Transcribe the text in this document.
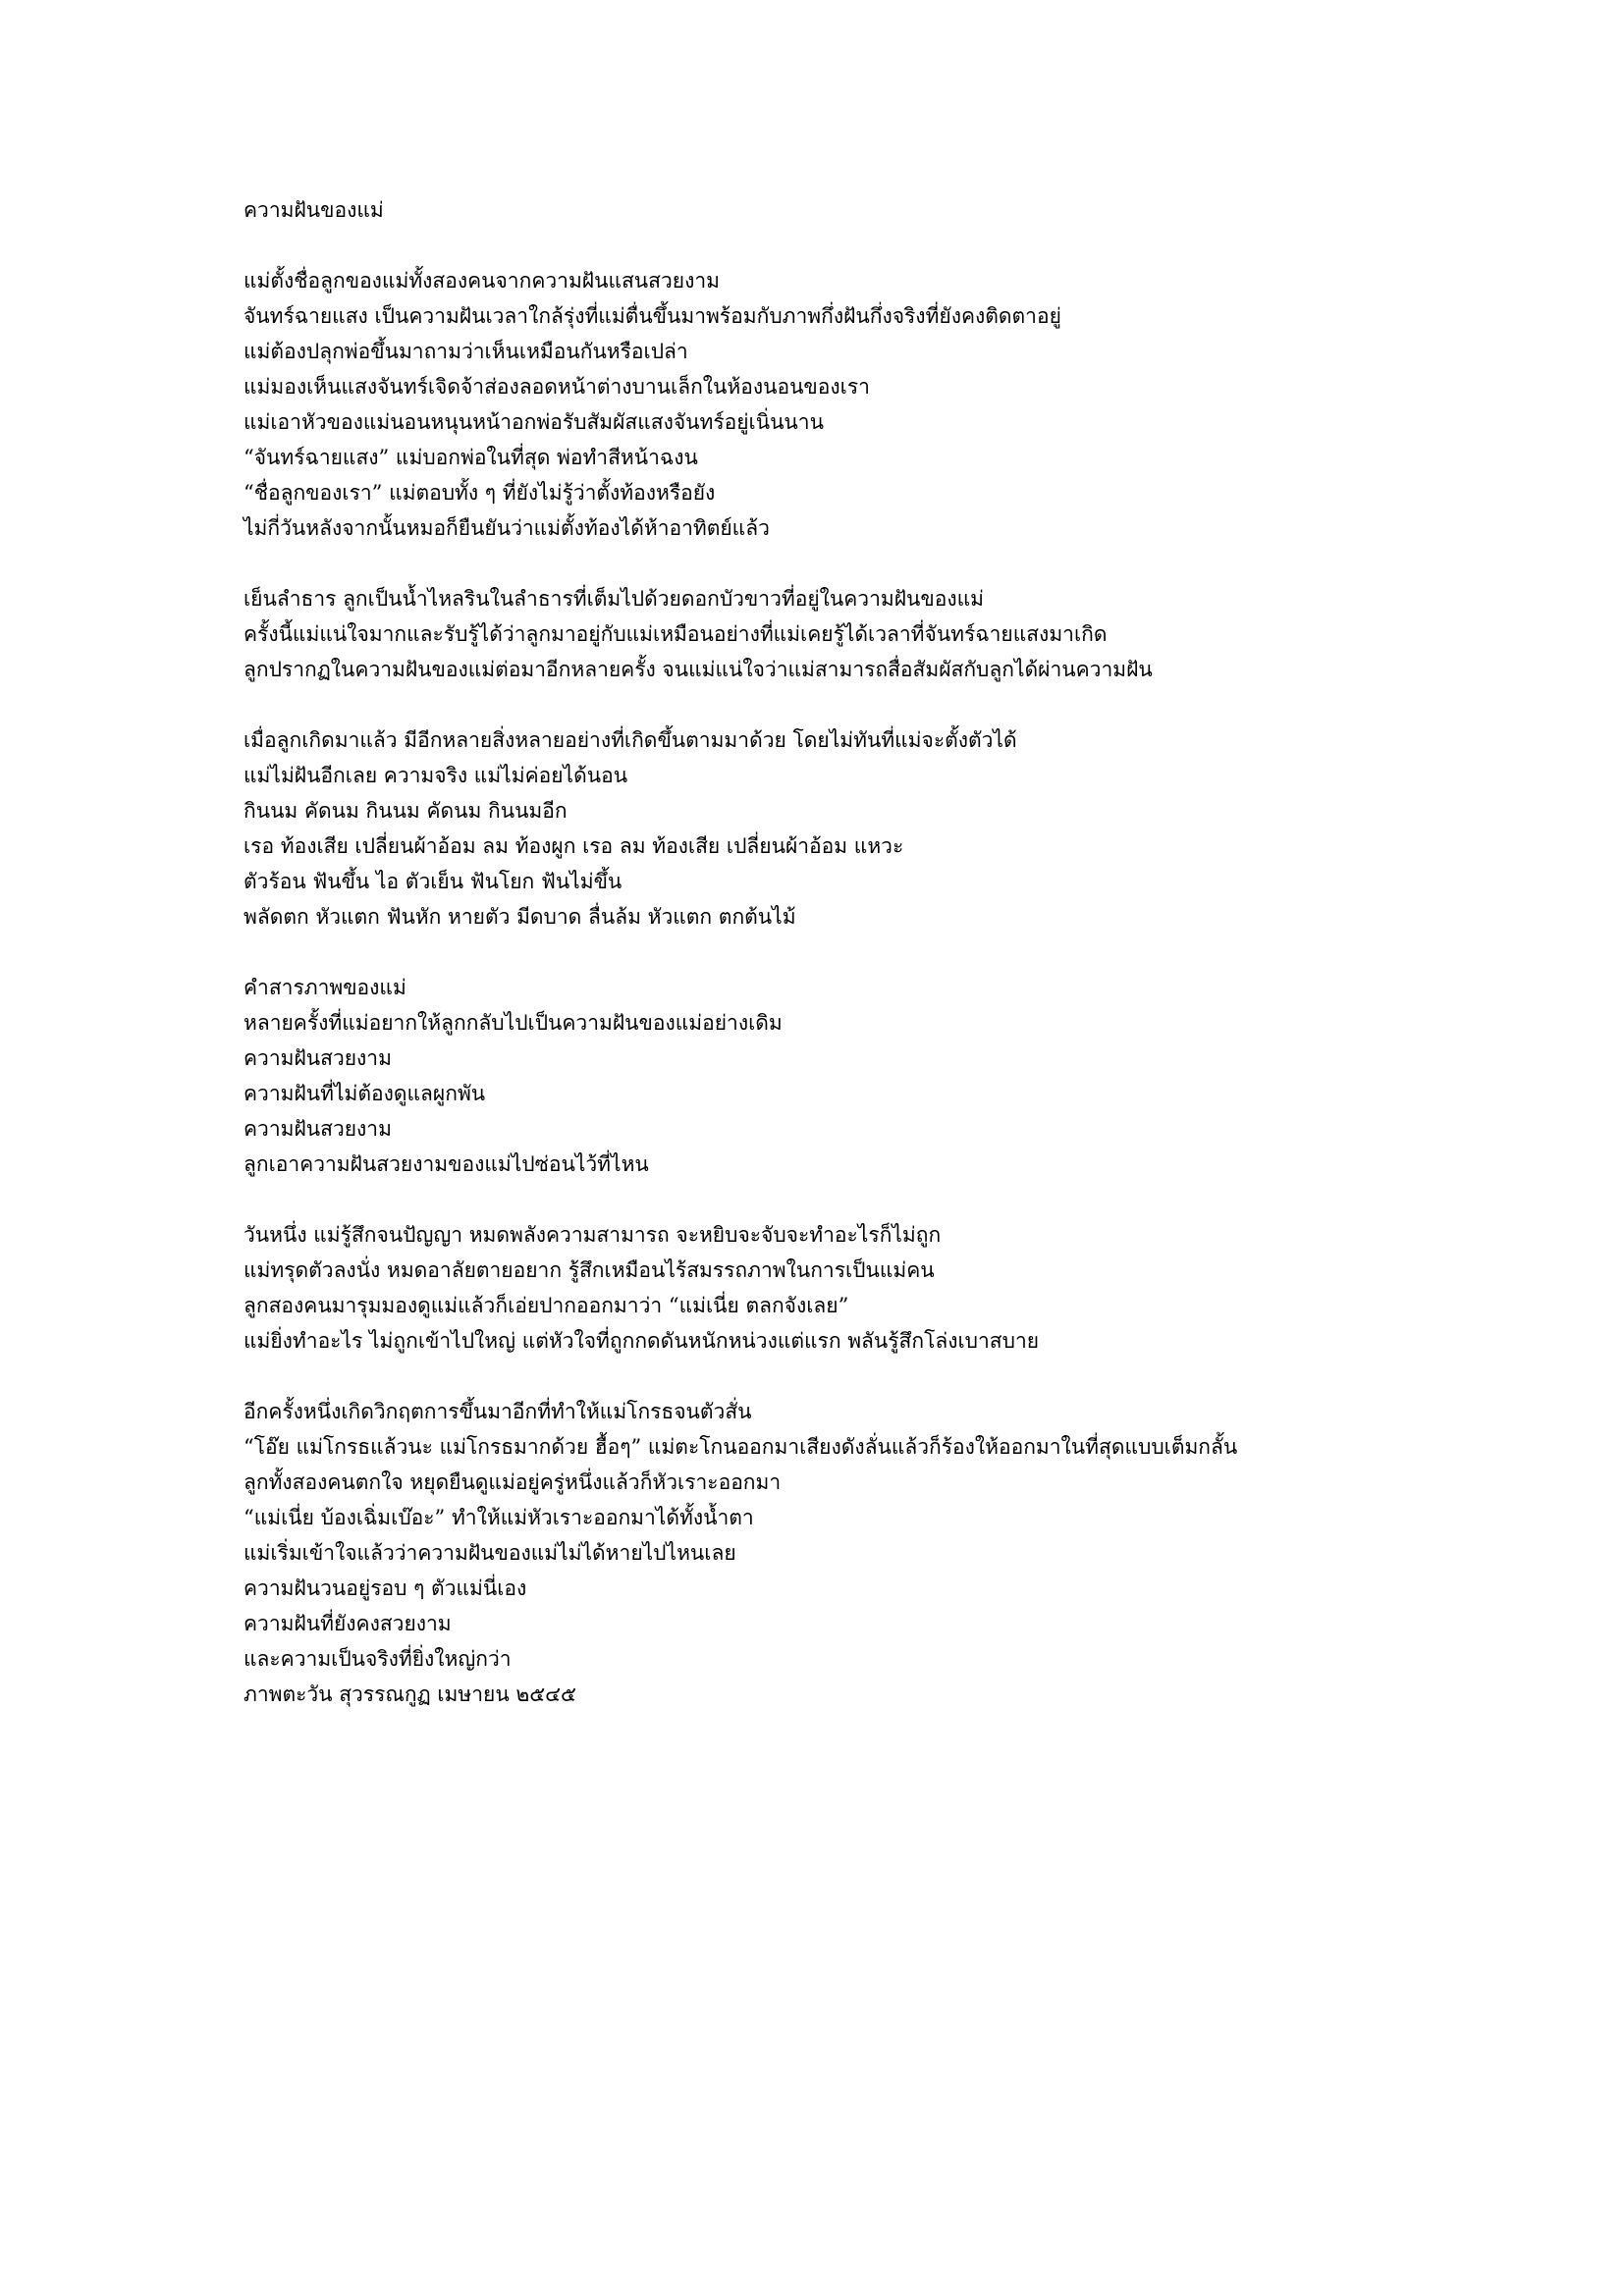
ความฝันของแม่

แม่ตั้งชื่อลูกของแม่ทั้งสองคนจากความฝันแสนสวยงาม

จันทร์ฉายแสง เป็นความฝันเวลาใกล้รุ่งที่แม่ตื่นขึ้นมาพร้อมกับภาพกึ่งฝันกึ่งจริงที่ยังคงติดตาอยู่

แม่ต้องปลุกพ่อขึ้นมาถามว่าเห็นเหมือนกันหรือเปล่า

แม่มองเห็นแสงจันทร์เจิดจ้าส่องลอดหน้าต่างบานเล็กในห้องนอนของเรา

แม่เอาหัวของแม่นอนหนุนหน้าอกพ่อรับสัมผัสแสงจันทร์อยู่เนิ่นนาน

“จันทร์ฉายแสง” แม่บอกพ่อในที่สุด พ่อทำสีหน้าฉงน

“ชื่อลูกของเรา” แม่ตอบทั้ง ๆ ที่ยังไม่รู้ว่าตั้งท้องหรือยัง

ไม่กี่วันหลังจากนั้นหมอก็ยืนยันว่าแม่ตั้งท้องได้ห้าอาทิตย์แล้ว

เย็นลำธาร ลูกเป็นน้ำไหลรินในลำธารที่เต็มไปด้วยดอกบัวขาวที่อยู่ในความฝันของแม่

ครั้งนี้แม่แน่ใจมากและรับรู้ได้ว่าลูกมาอยู่กับแม่เหมือนอย่างที่แม่เคยรู้ได้เวลาที่จันทร์ฉายแสงมาเกิด

ลูกปรากฏในความฝันของแม่ต่อมาอีกหลายครั้ง จนแม่แน่ใจว่าแม่สามารถสื่อสัมผัสกับลูกได้ผ่านความฝัน

เมื่อลูกเกิดมาแล้ว มีอีกหลายสิ่งหลายอย่างที่เกิดขึ้นตามมาด้วย โดยไม่ทันที่แม่จะตั้งตัวได้

แม่ไม่ฝันอีกเลย ความจริง แม่ไม่ค่อยได้นอน

กินนม คัดนม กินนม คัดนม กินนมอีก

เรอ ท้องเสีย เปลี่ยนผ้าอ้อม ลม ท้องผูก เรอ ลม ท้องเสีย เปลี่ยนผ้าอ้อม แหวะ

ตัวร้อน ฟันขึ้น ไอ ตัวเย็น ฟันโยก ฟันไม่ขึ้น

พลัดตก หัวแตก ฟันหัก หายตัว มีดบาด ลื่นล้ม หัวแตก ตกต้นไม้

คำสารภาพของแม่

หลายครั้งที่แม่อยากให้ลูกกลับไปเป็นความฝันของแม่อย่างเดิม

ความฝันสวยงาม

ความฝันที่ไม่ต้องดูแลผูกพัน

ความฝันสวยงาม

ลูกเอาความฝันสวยงามของแม่ไปซ่อนไว้ที่ไหน

วันหนึ่ง แม่รู้สึกจนปัญญา หมดพลังความสามารถ จะหยิบจะจับจะทำอะไรก็ไม่ถูก

แม่ทรุดตัวลงนั่ง หมดอาลัยตายอยาก รู้สึกเหมือนไร้สมรรถภาพในการเป็นแม่คน

ลูกสองคนมารุมมองดูแม่แล้วก็เอ่ยปากออกมาว่า “แม่เนี่ย ตลกจังเลย”

แม่ยิ่งทำอะไร ไม่ถูกเข้าไปใหญ่ แต่หัวใจที่ถูกกดดันหนักหน่วงแต่แรก พลันรู้สึกโล่งเบาสบาย

อีกครั้งหนึ่งเกิดวิกฤตการขึ้นมาอีกที่ทำให้แม่โกรธจนตัวสั่น

“โอ๊ย แม่โกรธแล้วนะ แม่โกรธมากด้วย ฮื้อๆ” แม่ตะโกนออกมาเสียงดังลั่นแล้วก็ร้องให้ออกมาในที่สุดแบบเต็มกลั้น

ลูกทั้งสองคนตกใจ หยุดยืนดูแม่อยู่ครู่หนึ่งแล้วก็หัวเราะออกมา

“แม่เนี่ย บ้องเฉิ่มเบ๊อะ” ทำให้แม่หัวเราะออกมาได้ทั้งน้ำตา

แม่เริ่มเข้าใจแล้วว่าความฝันของแม่ไม่ได้หายไปไหนเลย

ความฝันวนอยู่รอบ ๆ ตัวแม่นี่เอง

ความฝันที่ยังคงสวยงาม

และความเป็นจริงที่ยิ่งใหญ่กว่า

ภาพตะวัน สุวรรณกูฏ เมษายน ๒๕๔๕
